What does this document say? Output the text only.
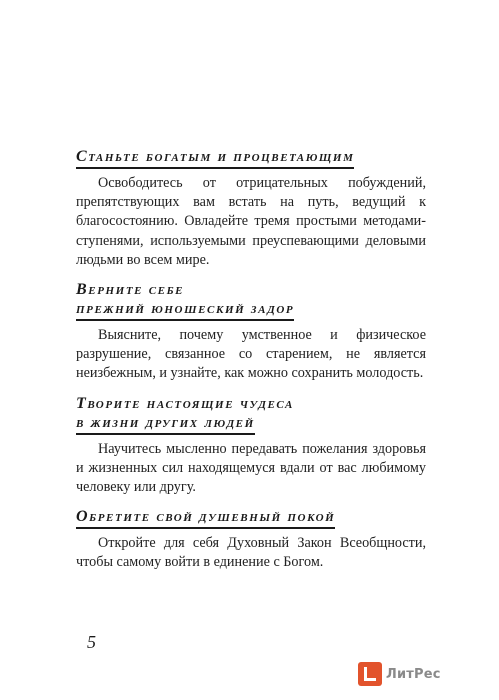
Станьте богатым и процветающим

Освободитесь от отрицательных побуждений, препятствующих вам встать на путь, ведущий к благосостоянию. Овладейте тремя простыми методами-ступенями, используемыми преуспевающими деловыми людьми во всем мире.

Верните себе
прежний юношеский задор

Выясните, почему умственное и физическое разрушение, связанное со старением, не является неизбежным, и узнайте, как можно сохранить молодость.

Творите настоящие чудеса
в жизни других людей

Научитесь мысленно передавать пожелания здоровья и жизненных сил находящемуся вдали от вас любимому человеку или другу.

Обретите свой душевный покой

Откройте для себя Духовный Закон Всеобщности, чтобы самому войти в единение с Богом.

5
ЛитРес
